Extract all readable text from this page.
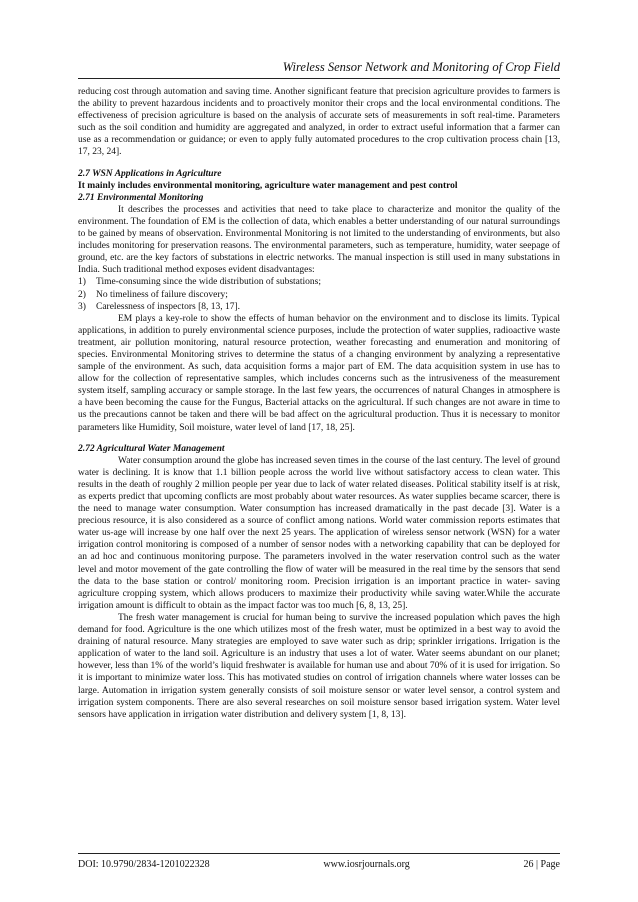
Wireless Sensor Network and Monitoring of Crop Field

reducing cost through automation and saving time. Another significant feature that precision agriculture provides to farmers is the ability to prevent hazardous incidents and to proactively monitor their crops and the local environmental conditions. The effectiveness of precision agriculture is based on the analysis of accurate sets of measurements in soft real-time. Parameters such as the soil condition and humidity are aggregated and analyzed, in order to extract useful information that a farmer can use as a recommendation or guidance; or even to apply fully automated procedures to the crop cultivation process chain [13, 17, 23, 24].

2.7 WSN Applications in Agriculture

It mainly includes environmental monitoring, agriculture water management and pest control

2.71 Environmental Monitoring

It describes the processes and activities that need to take place to characterize and monitor the quality of the environment. The foundation of EM is the collection of data, which enables a better understanding of our natural surroundings to be gained by means of observation. Environmental Monitoring is not limited to the understanding of environments, but also includes monitoring for preservation reasons. The environmental parameters, such as temperature, humidity, water seepage of ground, etc. are the key factors of substations in electric networks. The manual inspection is still used in many substations in India. Such traditional method exposes evident disadvantages:

1)	Time-consuming since the wide distribution of substations;
2)	No timeliness of failure discovery;
3)	Carelessness of inspectors [8, 13, 17].

EM plays a key-role to show the effects of human behavior on the environment and to disclose its limits. Typical applications, in addition to purely environmental science purposes, include the protection of water supplies, radioactive waste treatment, air pollution monitoring, natural resource protection, weather forecasting and enumeration and monitoring of species. Environmental Monitoring strives to determine the status of a changing environment by analyzing a representative sample of the environment. As such, data acquisition forms a major part of EM. The data acquisition system in use has to allow for the collection of representative samples, which includes concerns such as the intrusiveness of the measurement system itself, sampling accuracy or sample storage. In the last few years, the occurrences of natural Changes in atmosphere is a have been becoming the cause for the Fungus, Bacterial attacks on the agricultural. If such changes are not aware in time to us the precautions cannot be taken and there will be bad affect on the agricultural production. Thus it is necessary to monitor parameters like Humidity, Soil moisture, water level of land [17, 18, 25].

2.72 Agricultural Water Management

Water consumption around the globe has increased seven times in the course of the last century. The level of ground water is declining. It is know that 1.1 billion people across the world live without satisfactory access to clean water. This results in the death of roughly 2 million people per year due to lack of water related diseases. Political stability itself is at risk, as experts predict that upcoming conflicts are most probably about water resources. As water supplies became scarcer, there is the need to manage water consumption. Water consumption has increased dramatically in the past decade [3]. Water is a precious resource, it is also considered as a source of conflict among nations. World water commission reports estimates that water us-age will increase by one half over the next 25 years. The application of wireless sensor network (WSN) for a water irrigation control monitoring is composed of a number of sensor nodes with a networking capability that can be deployed for an ad hoc and continuous monitoring purpose. The parameters involved in the water reservation control such as the water level and motor movement of the gate controlling the flow of water will be measured in the real time by the sensors that send the data to the base station or control/ monitoring room. Precision irrigation is an important practice in water- saving agriculture cropping system, which allows producers to maximize their productivity while saving water.While the accurate irrigation amount is difficult to obtain as the impact factor was too much [6, 8, 13, 25].

The fresh water management is crucial for human being to survive the increased population which paves the high demand for food. Agriculture is the one which utilizes most of the fresh water, must be optimized in a best way to avoid the draining of natural resource. Many strategies are employed to save water such as drip; sprinkler irrigations. Irrigation is the application of water to the land soil. Agriculture is an industry that uses a lot of water. Water seems abundant on our planet; however, less than 1% of the world’s liquid freshwater is available for human use and about 70% of it is used for irrigation. So it is important to minimize water loss. This has motivated studies on control of irrigation channels where water losses can be large. Automation in irrigation system generally consists of soil moisture sensor or water level sensor, a control system and irrigation system components. There are also several researches on soil moisture sensor based irrigation system. Water level sensors have application in irrigation water distribution and delivery system [1, 8, 13].

DOI: 10.9790/2834-1201022328	www.iosrjournals.org	26 | Page
